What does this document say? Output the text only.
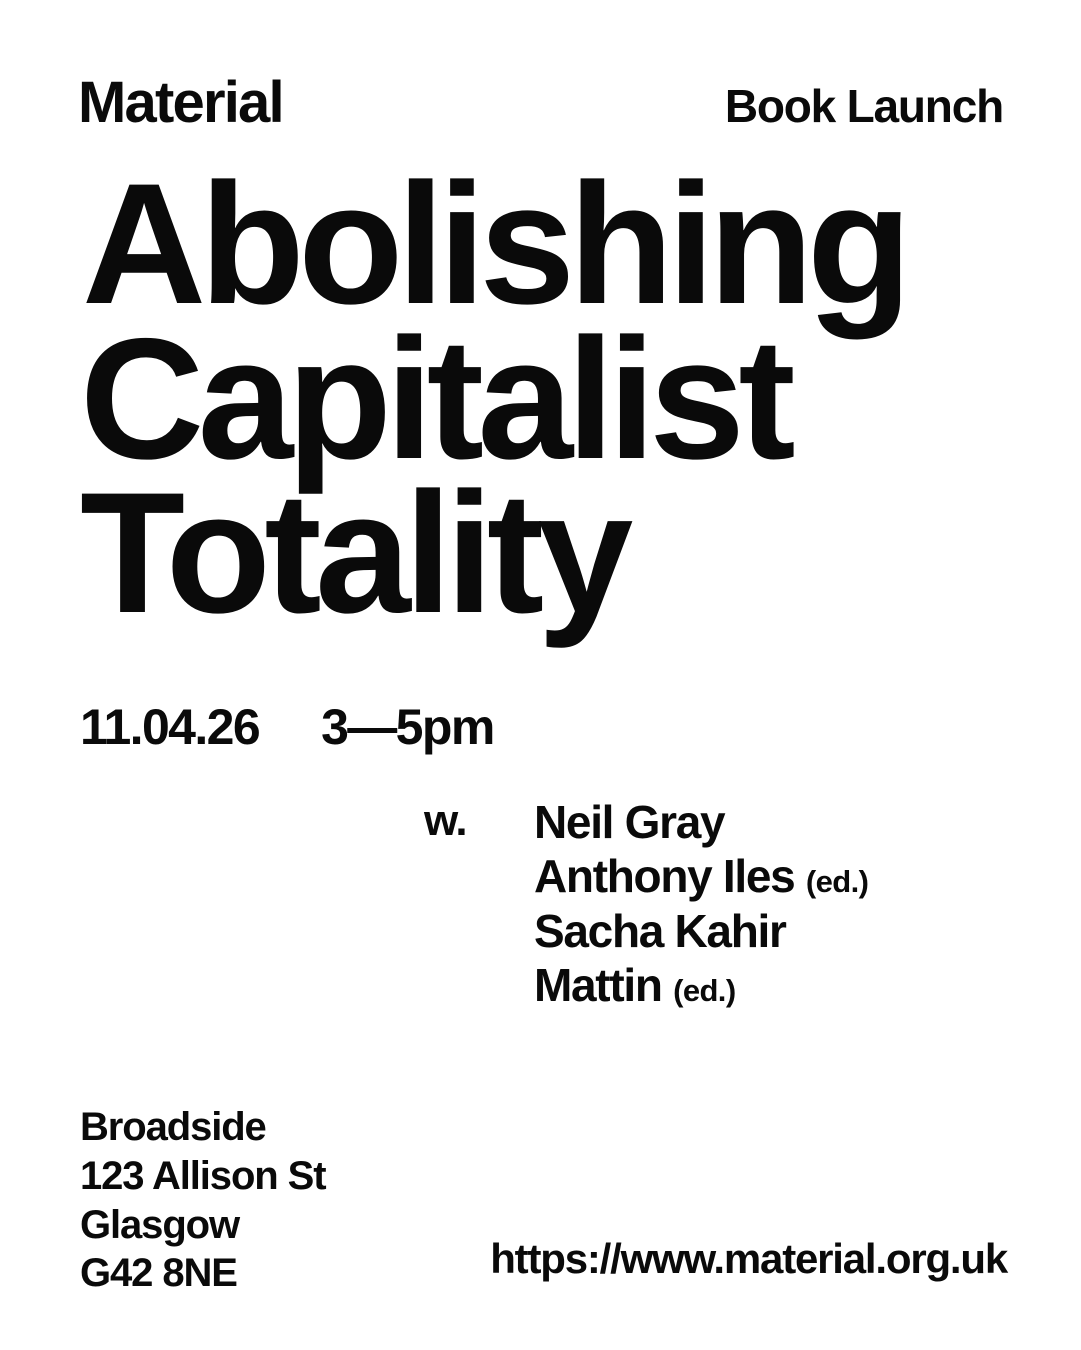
Material	Book Launch
Abolishing
Capitalist
Totality
11.04.26 3—5pm
w.	Neil Gray
Anthony Iles (ed.)
Sacha Kahir
Mattin (ed.)
Broadside
123 Allison St
Glasgow
G42 8NE	https://www.material.org.uk
